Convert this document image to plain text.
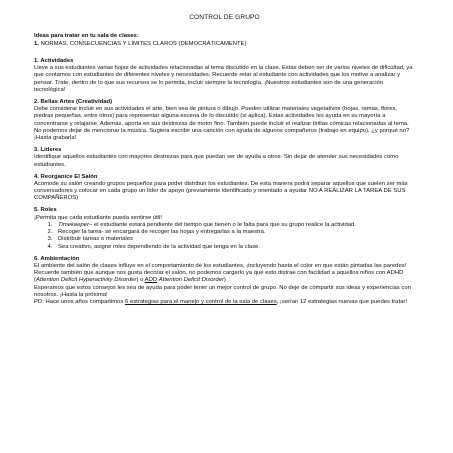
CONTROL DE GRUPO
Ideas para tratar en tu sala de clases:
1. NORMAS, CONSECUENCIAS Y LÍMITES CLAROS (DEMOCRÁTICAMENTE)
1. Actividades

Lleve a sus estudiantes varias hojas de actividades relacionadas al tema discutido en la clase. Estas deben ser de varios niveles de dificultad, ya que contamos con estudiantes de diferentes niveles y necesidades. Recuerde retar al estudiante con actividades que los motive a analizar y pensar. Trate, dentro de lo que sus recursos se lo permita, incluir siempre la tecnología. ¡Nuestros estudiantes son de una generación tecnológica!

2. Bellas Artes (Creatividad)

Debe considerar incluir en sus actividades el arte, bien sea de pintura o dibujo. Pueden utilizar materiales vegetativos (hojas, ramas, flores, piedras pequeñas, entre otros) para representar alguna escena de lo discutido (si aplica). Estas actividades les ayuda en su mayoría a concentrarse y relajarse. Además, aporta en sus destrezas de motor fino. También puede incluir el realizar tirillas cómicas relacionadas al tema. No podemos dejar de mencionar la música. Sugiera escribir una canción con ayuda de algunos compañeros (trabajo en equipo), ¿y porqué no? ¡Hasta grabarla!

3. Líderes

Identifique aquellos estudiantes con mayores destrezas para que puedan ser de ayuda a otros. Sin dejar de atender sus necesidades como estudiantes.

4. Reorganice El Salón

Acomode su salón creando grupos pequeños para poder distribuir los estudiantes. De esta manera podrá separar aquellos que suelen ser más conversadores y colocar en cada grupo un líder de apoyo (previamente identificado y orientado a ayudar NO A REALIZAR LA TAREA DE SUS COMPAÑEROS)

5. Roles

¡Permita que cada estudiante pueda sentirse útil!

1. Timekeeper– el estudiante estará pendiente del tiempo que tienen o le falta para que su grupo realice la actividad.
2. Recoger la tarea- se encargará de recoger las hojas y entregarlas a la maestra.
3. Distribuir tareas o materiales
4. Sea creativo, asigne roles dependiendo de la actividad que tenga en la clase.
6. Ambientación

El ambiente del salón de clases influye en el comportamiento de los estudiantes, ¡incluyendo hasta el color en que están pintadas las paredes! Recuerde también que aunque nos gusta decorar el salón, no podemos cargarlo ya que esto distrae con facilidad a aquellos niños con ADHD (Attention Deficit Hyperactivity Disorder) o ADD Attention Deficit Disorder)

Esperamos que estos consejos les sea de ayuda para poder tener un mejor control de grupo. No deje de compartir sus ideas y experiencias con nosotros. ¡Hasta la próxima!

PD: Hace unos años compartimos 6 estrategias para el manejo y control de la sala de clases, ¡serían 12 estrategias nuevas que puedes tratar!
